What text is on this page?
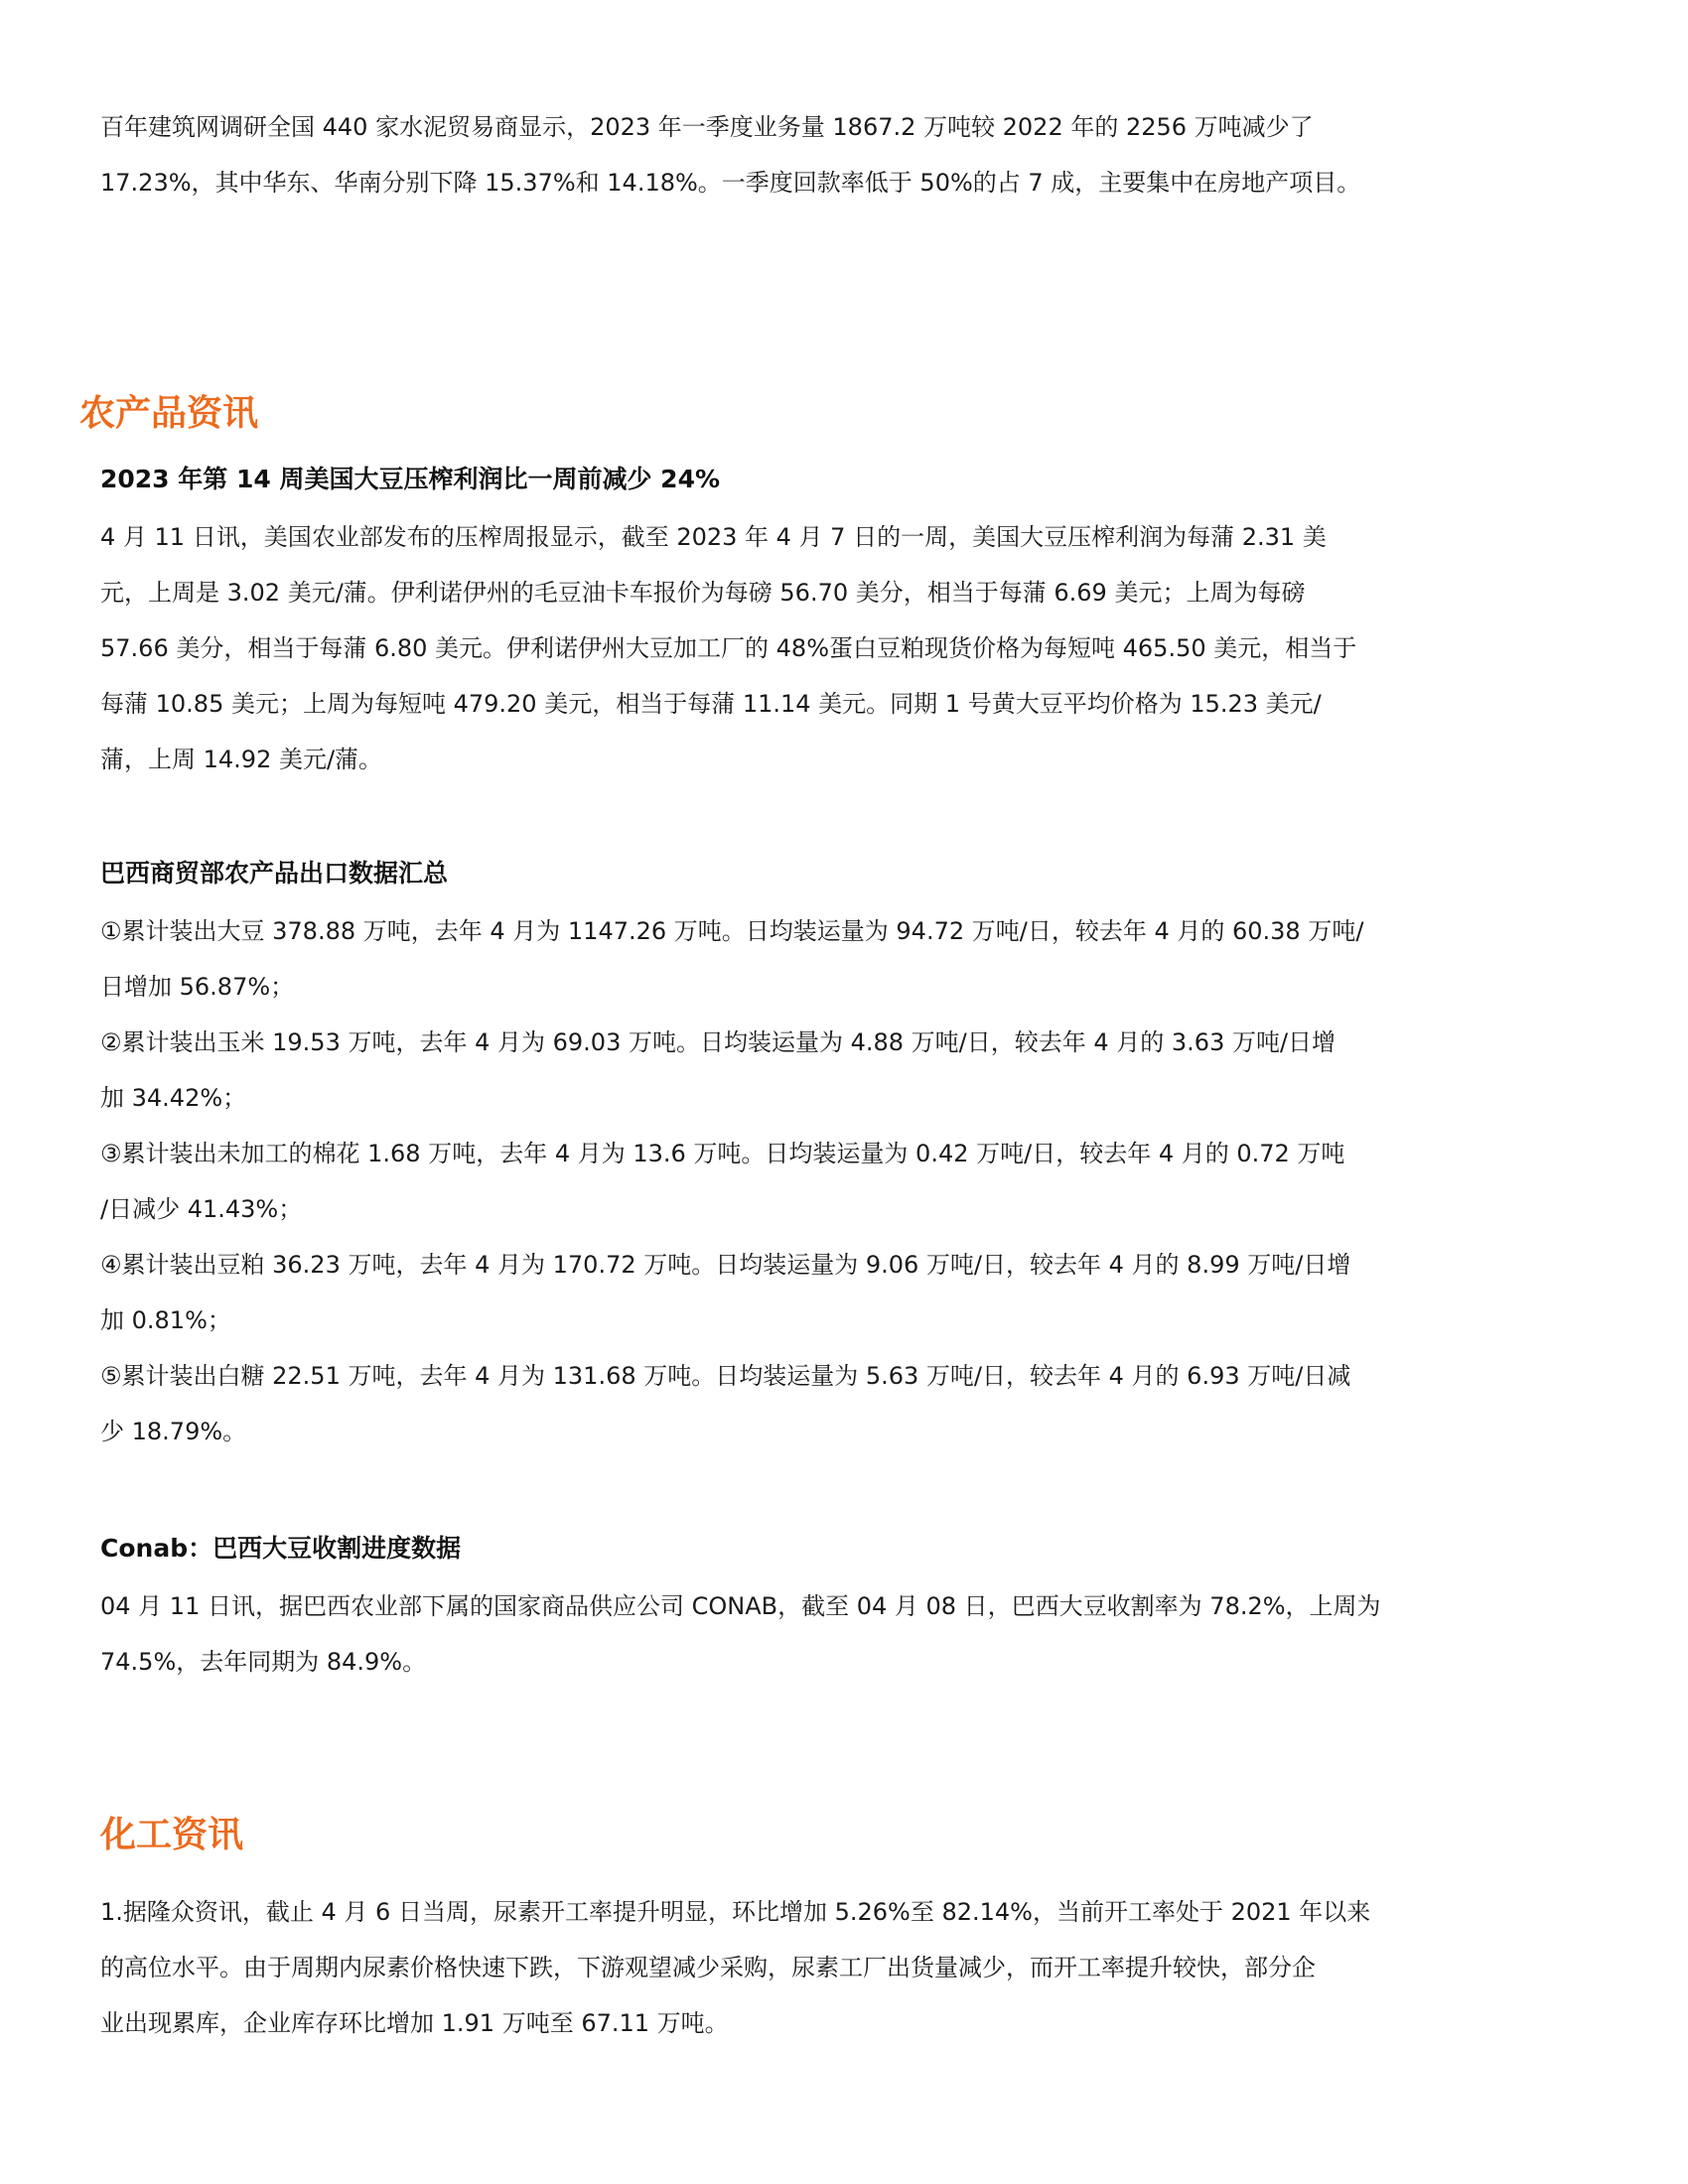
百年建筑网调研全国 440 家水泥贸易商显示，2023 年一季度业务量 1867.2 万吨较 2022 年的 2256 万吨减少了
17.23%，其中华东、华南分别下降 15.37%和 14.18%。一季度回款率低于 50%的占 7 成，主要集中在房地产项目。

农产品资讯
2023 年第 14 周美国大豆压榨利润比一周前减少 24%

4 月 11 日讯，美国农业部发布的压榨周报显示，截至 2023 年 4 月 7 日的一周，美国大豆压榨利润为每蒲 2.31 美
元，上周是 3.02 美元/蒲。伊利诺伊州的毛豆油卡车报价为每磅 56.70 美分，相当于每蒲 6.69 美元；上周为每磅
57.66 美分，相当于每蒲 6.80 美元。伊利诺伊州大豆加工厂的 48%蛋白豆粕现货价格为每短吨 465.50 美元，相当于
每蒲 10.85 美元；上周为每短吨 479.20 美元，相当于每蒲 11.14 美元。同期 1 号黄大豆平均价格为 15.23 美元/
蒲，上周 14.92 美元/蒲。

巴西商贸部农产品出口数据汇总

①累计装出大豆 378.88 万吨，去年 4 月为 1147.26 万吨。日均装运量为 94.72 万吨/日，较去年 4 月的 60.38 万吨/
日增加 56.87%；
②累计装出玉米 19.53 万吨，去年 4 月为 69.03 万吨。日均装运量为 4.88 万吨/日，较去年 4 月的 3.63 万吨/日增
加 34.42%；
③累计装出未加工的棉花 1.68 万吨，去年 4 月为 13.6 万吨。日均装运量为 0.42 万吨/日，较去年 4 月的 0.72 万吨
/日减少 41.43%；
④累计装出豆粕 36.23 万吨，去年 4 月为 170.72 万吨。日均装运量为 9.06 万吨/日，较去年 4 月的 8.99 万吨/日增
加 0.81%；
⑤累计装出白糖 22.51 万吨，去年 4 月为 131.68 万吨。日均装运量为 5.63 万吨/日，较去年 4 月的 6.93 万吨/日减
少 18.79%。

Conab：巴西大豆收割进度数据

04 月 11 日讯，据巴西农业部下属的国家商品供应公司 CONAB，截至 04 月 08 日，巴西大豆收割率为 78.2%，上周为
74.5%，去年同期为 84.9%。

化工资讯

1.据隆众资讯，截止 4 月 6 日当周，尿素开工率提升明显，环比增加 5.26%至 82.14%，当前开工率处于 2021 年以来
的高位水平。由于周期内尿素价格快速下跌，下游观望减少采购，尿素工厂出货量减少，而开工率提升较快，部分企
业出现累库，企业库存环比增加 1.91 万吨至 67.11 万吨。
